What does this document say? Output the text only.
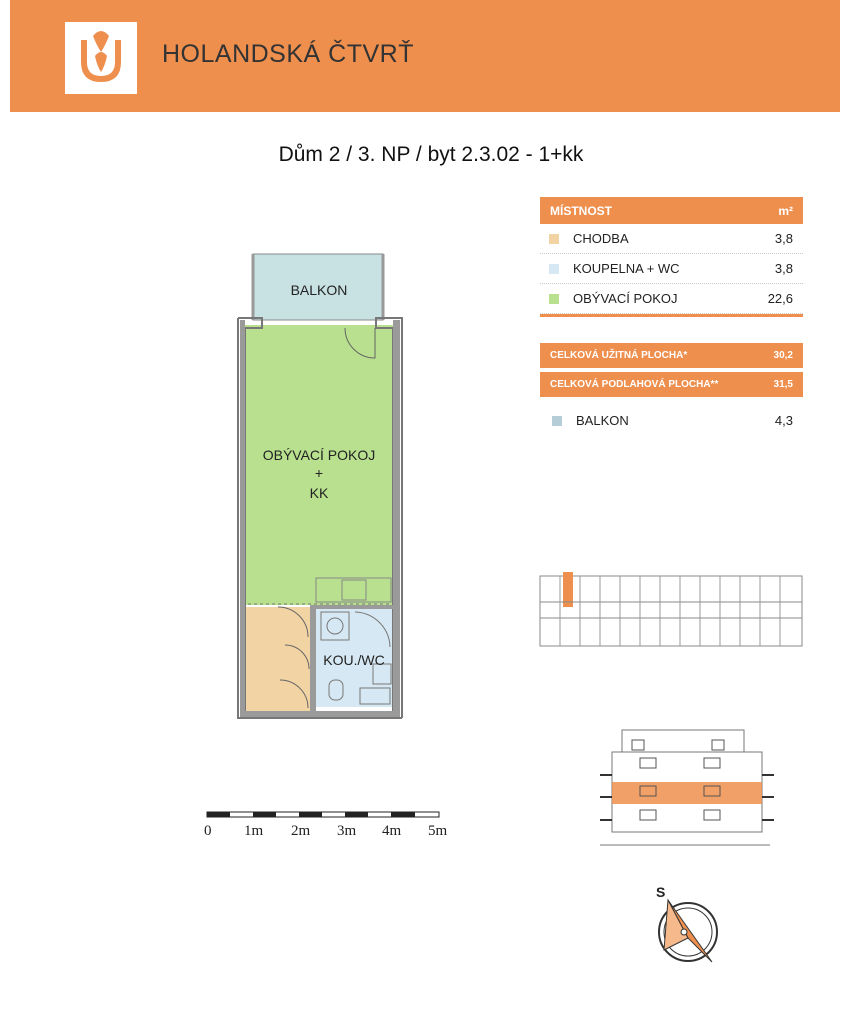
HOLANDSKÁ ČTVRŤ
Dům 2 / 3. NP / byt 2.3.02 - 1+kk
BALKON
OBÝVACÍ POKOJ
+
KK
KOU./WC
S
MÍSTNOST	m²
CHODBA	3,8
KOUPELNA + WC	3,8
OBÝVACÍ POKOJ	22,6
CELKOVÁ UŽITNÁ PLOCHA*	30,2
CELKOVÁ PODLAHOVÁ PLOCHA**	31,5
BALKON	4,3
0 1m 2m 3m 4m 5m
